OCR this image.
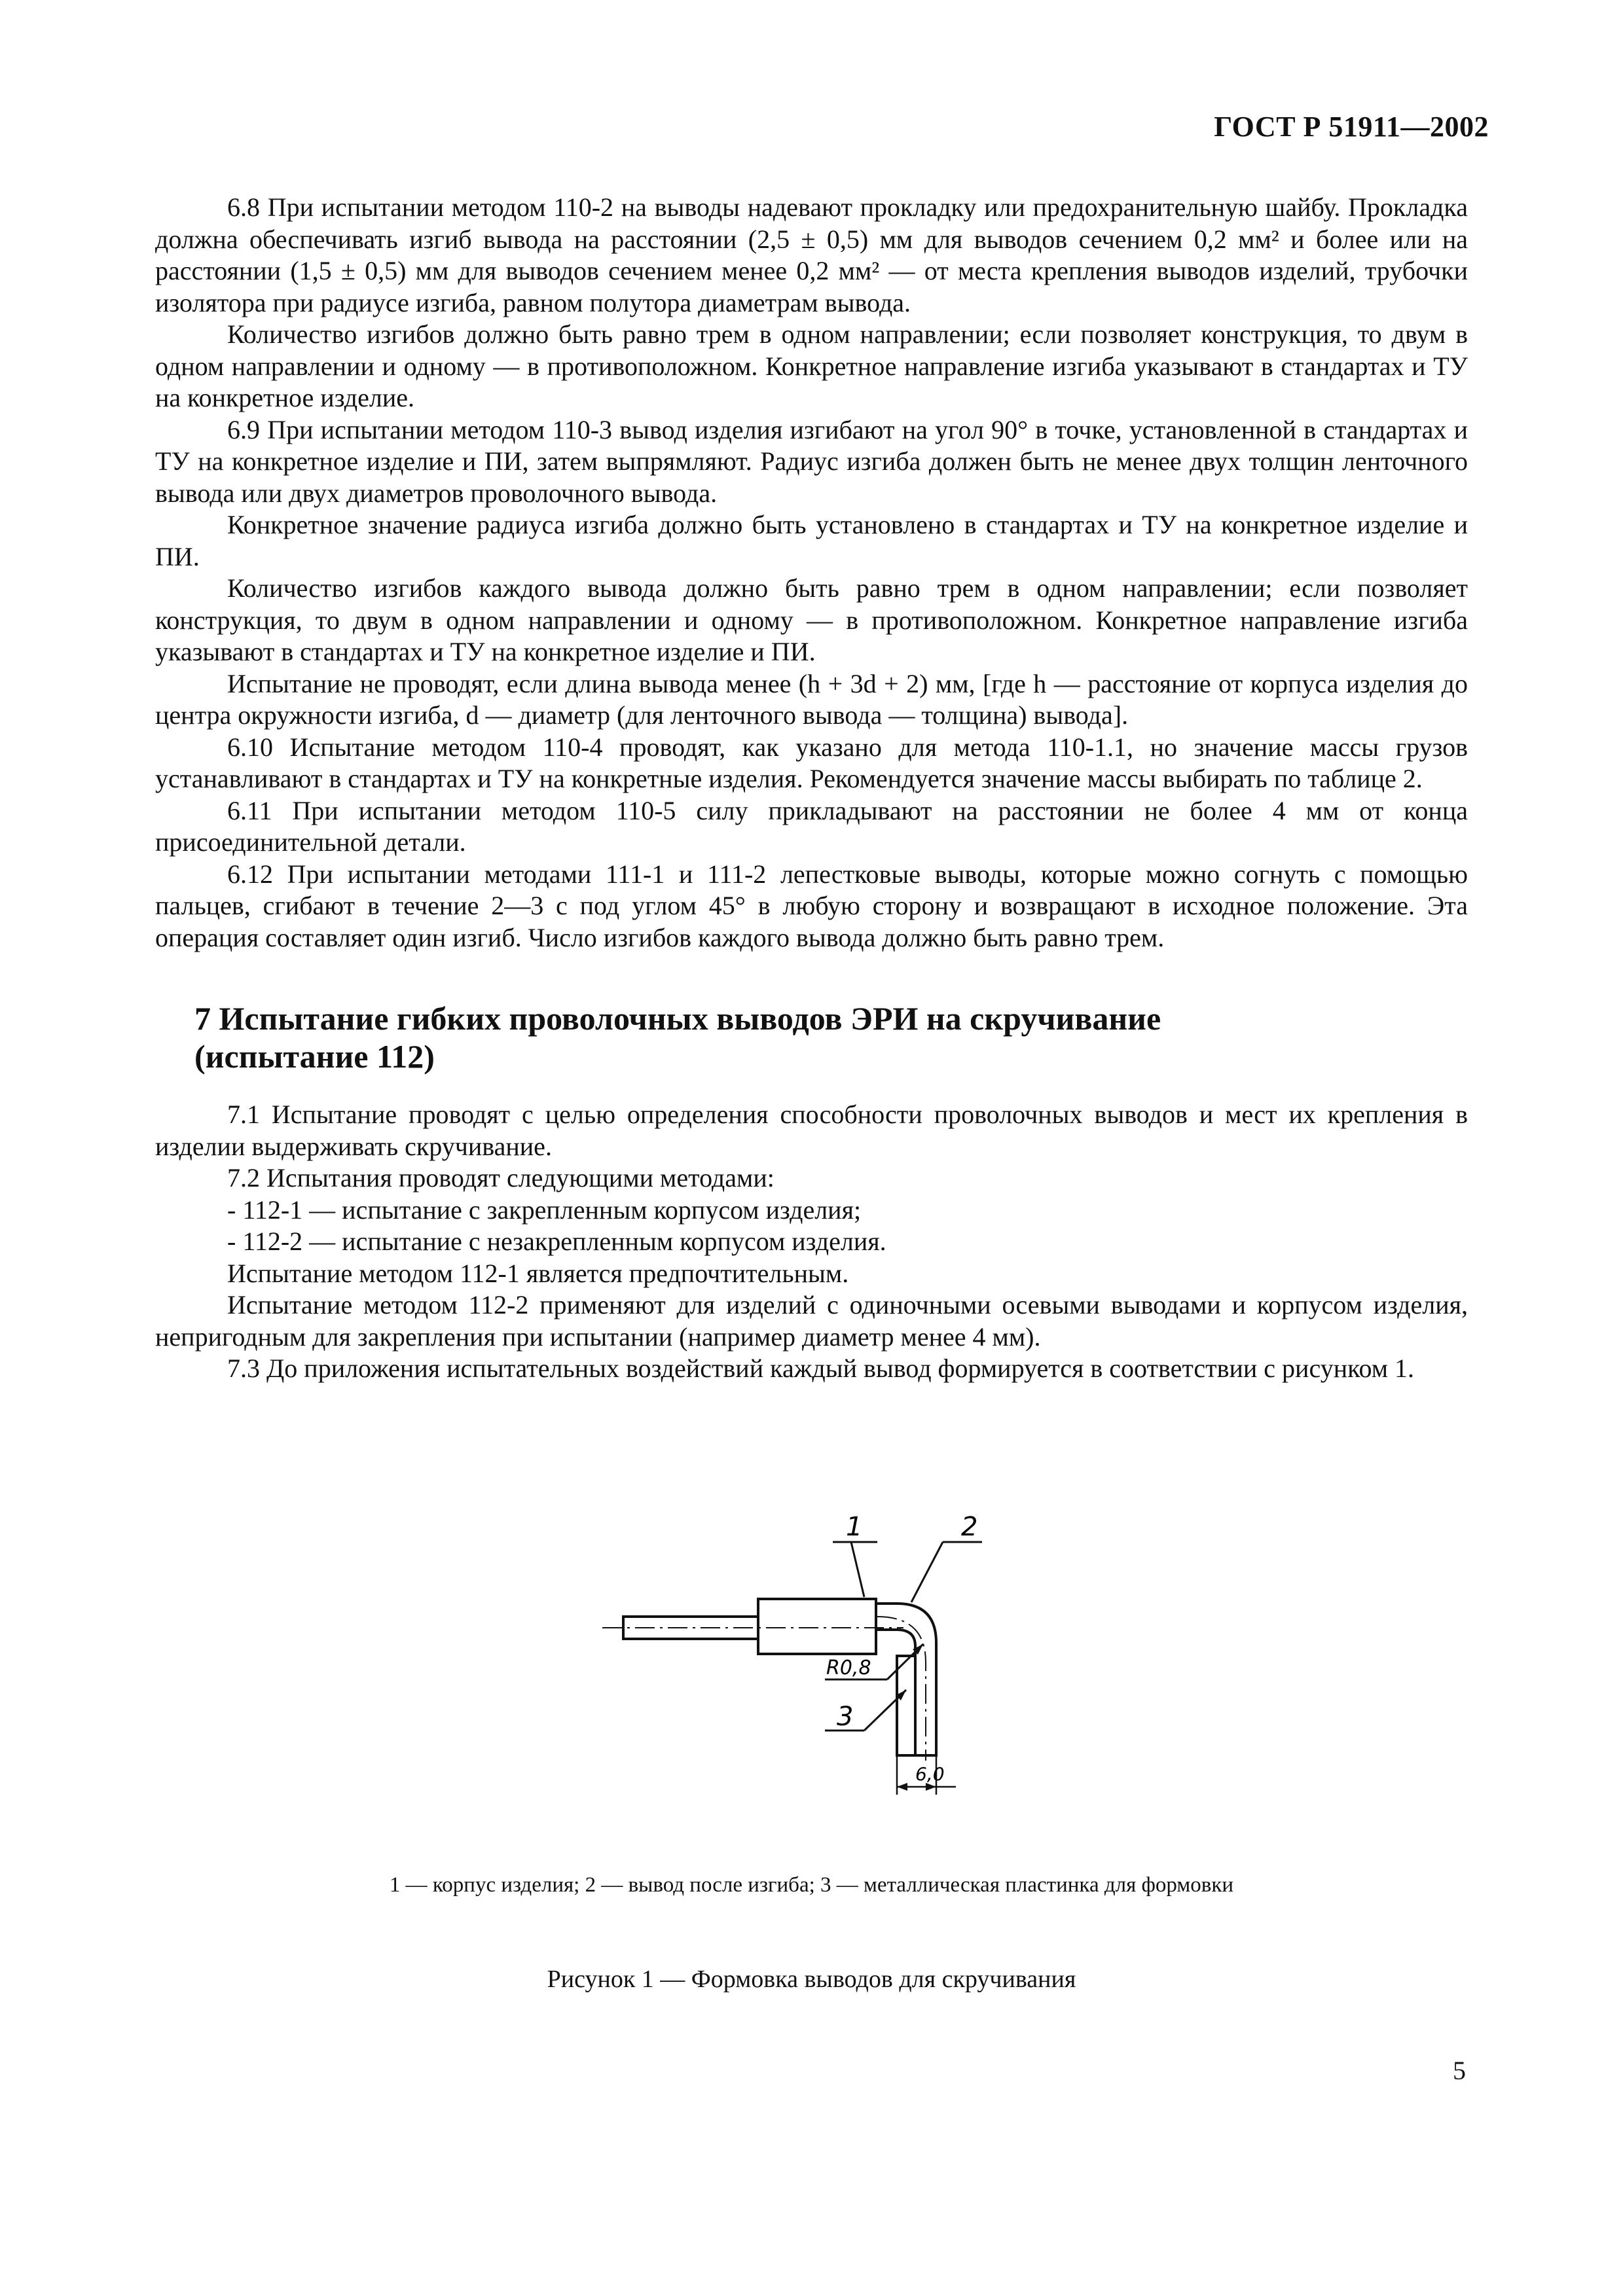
ГОСТ Р 51911—2002

6.8 При испытании методом 110-2 на выводы надевают прокладку или предохранительную шайбу. Прокладка должна обеспечивать изгиб вывода на расстоянии (2,5 ± 0,5) мм для выводов сечением 0,2 мм² и более или на расстоянии (1,5 ± 0,5) мм для выводов сечением менее 0,2 мм² — от места крепления выводов изделий, трубочки изолятора при радиусе изгиба, равном полутора диаметрам вывода.

Количество изгибов должно быть равно трем в одном направлении; если позволяет конструкция, то двум в одном направлении и одному — в противоположном. Конкретное направление изгиба указывают в стандартах и ТУ на конкретное изделие.

6.9 При испытании методом 110-3 вывод изделия изгибают на угол 90° в точке, установленной в стандартах и ТУ на конкретное изделие и ПИ, затем выпрямляют. Радиус изгиба должен быть не менее двух толщин ленточного вывода или двух диаметров проволочного вывода.

Конкретное значение радиуса изгиба должно быть установлено в стандартах и ТУ на конкретное изделие и ПИ.

Количество изгибов каждого вывода должно быть равно трем в одном направлении; если позволяет конструкция, то двум в одном направлении и одному — в противоположном. Конкретное направление изгиба указывают в стандартах и ТУ на конкретное изделие и ПИ.

Испытание не проводят, если длина вывода менее (h + 3d + 2) мм, [где h — расстояние от корпуса изделия до центра окружности изгиба, d — диаметр (для ленточного вывода — толщина) вывода].

6.10 Испытание методом 110-4 проводят, как указано для метода 110-1.1, но значение массы грузов устанавливают в стандартах и ТУ на конкретные изделия. Рекомендуется значение массы выбирать по таблице 2.

6.11 При испытании методом 110-5 силу прикладывают на расстоянии не более 4 мм от конца присоединительной детали.

6.12 При испытании методами 111-1 и 111-2 лепестковые выводы, которые можно согнуть с помощью пальцев, сгибают в течение 2—3 с под углом 45° в любую сторону и возвращают в исходное положение. Эта операция составляет один изгиб. Число изгибов каждого вывода должно быть равно трем.

7 Испытание гибких проволочных выводов ЭРИ на скручивание
(испытание 112)

7.1 Испытание проводят с целью определения способности проволочных выводов и мест их крепления в изделии выдерживать скручивание.

7.2 Испытания проводят следующими методами:

- 112-1 — испытание с закрепленным корпусом изделия;

- 112-2 — испытание с незакрепленным корпусом изделия.

Испытание методом 112-1 является предпочтительным.

Испытание методом 112-2 применяют для изделий с одиночными осевыми выводами и корпусом изделия, непригодным для закрепления при испытании (например диаметр менее 4 мм).

7.3 До приложения испытательных воздействий каждый вывод формируется в соответствии с рисунком 1.

1	2
3
R0,8
6,0
1 — корпус изделия; 2 — вывод после изгиба; 3 — металлическая пластинка для формовки
Рисунок 1 — Формовка выводов для скручивания
5
